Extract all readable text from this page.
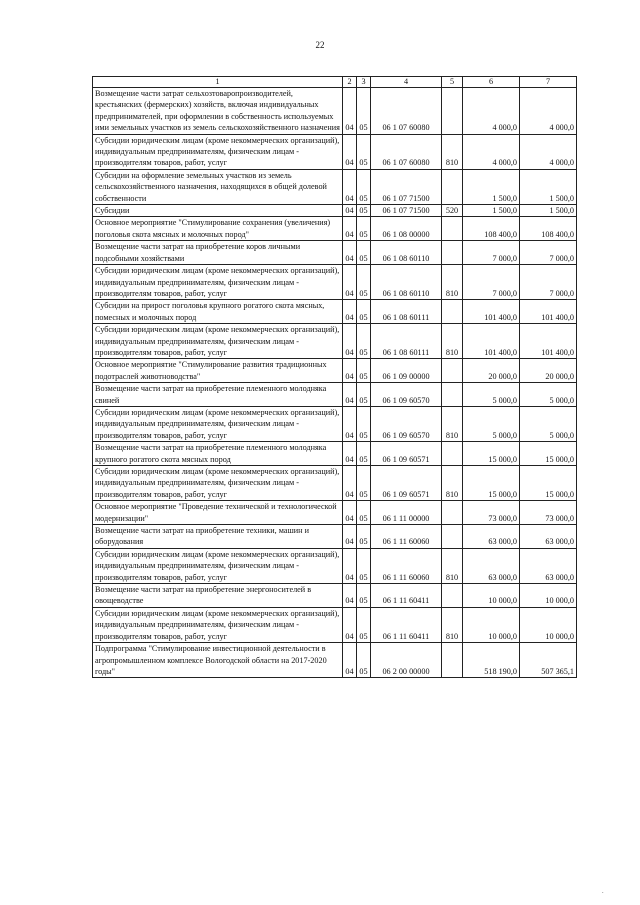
22
1	2	3	4	5	6	7
Возмещение части затрат сельхозтоваропроизводителей, крестьянских (фермерских) хозяйств, включая индивидуальных предпринимателей, при оформлении в собственность используемых ими земельных участков из земель сельскохозяйственного назначения	04	05	06 1 07 60080		4 000,0	4 000,0
Субсидии юридическим лицам (кроме некоммерческих организаций), индивидуальным предпринимателям, физическим лицам - производителям товаров, работ, услуг	04	05	06 1 07 60080	810	4 000,0	4 000,0
Субсидии на оформление земельных участков из земель сельскохозяйственного назначения, находящихся в общей долевой собственности	04	05	06 1 07 71500		1 500,0	1 500,0
Субсидии	04	05	06 1 07 71500	520	1 500,0	1 500,0
Основное мероприятие "Стимулирование сохранения (увеличения) поголовья скота мясных и молочных пород"	04	05	06 1 08 00000		108 400,0	108 400,0
Возмещение части затрат на приобретение коров личными подсобными хозяйствами	04	05	06 1 08 60110		7 000,0	7 000,0
Субсидии юридическим лицам (кроме некоммерческих организаций), индивидуальным предпринимателям, физическим лицам - производителям товаров, работ, услуг	04	05	06 1 08 60110	810	7 000,0	7 000,0
Субсидии на прирост поголовья крупного рогатого скота мясных, помесных и молочных пород	04	05	06 1 08 60111		101 400,0	101 400,0
Субсидии юридическим лицам (кроме некоммерческих организаций), индивидуальным предпринимателям, физическим лицам - производителям товаров, работ, услуг	04	05	06 1 08 60111	810	101 400,0	101 400,0
Основное мероприятие "Стимулирование развития традиционных подотраслей животноводства"	04	05	06 1 09 00000		20 000,0	20 000,0
Возмещение части затрат на приобретение племенного молодняка свиней	04	05	06 1 09 60570		5 000,0	5 000,0
Субсидии юридическим лицам (кроме некоммерческих организаций), индивидуальным предпринимателям, физическим лицам - производителям товаров, работ, услуг	04	05	06 1 09 60570	810	5 000,0	5 000,0
Возмещение части затрат на приобретение племенного молодняка крупного рогатого скота мясных пород	04	05	06 1 09 60571		15 000,0	15 000,0
Субсидии юридическим лицам (кроме некоммерческих организаций), индивидуальным предпринимателям, физическим лицам - производителям товаров, работ, услуг	04	05	06 1 09 60571	810	15 000,0	15 000,0
Основное мероприятие "Проведение технической и технологической модернизации"	04	05	06 1 11 00000		73 000,0	73 000,0
Возмещение части затрат на приобретение техники, машин и оборудования	04	05	06 1 11 60060		63 000,0	63 000,0
Субсидии юридическим лицам (кроме некоммерческих организаций), индивидуальным предпринимателям, физическим лицам - производителям товаров, работ, услуг	04	05	06 1 11 60060	810	63 000,0	63 000,0
Возмещение части затрат на приобретение энергоносителей в овощеводстве	04	05	06 1 11 60411		10 000,0	10 000,0
Субсидии юридическим лицам (кроме некоммерческих организаций), индивидуальным предпринимателям, физическим лицам - производителям товаров, работ, услуг	04	05	06 1 11 60411	810	10 000,0	10 000,0
Подпрограмма "Стимулирование инвестиционной деятельности в агропромышленном комплексе Вологодской области на 2017-2020 годы"	04	05	06 2 00 00000		518 190,0	507 365,1
·
